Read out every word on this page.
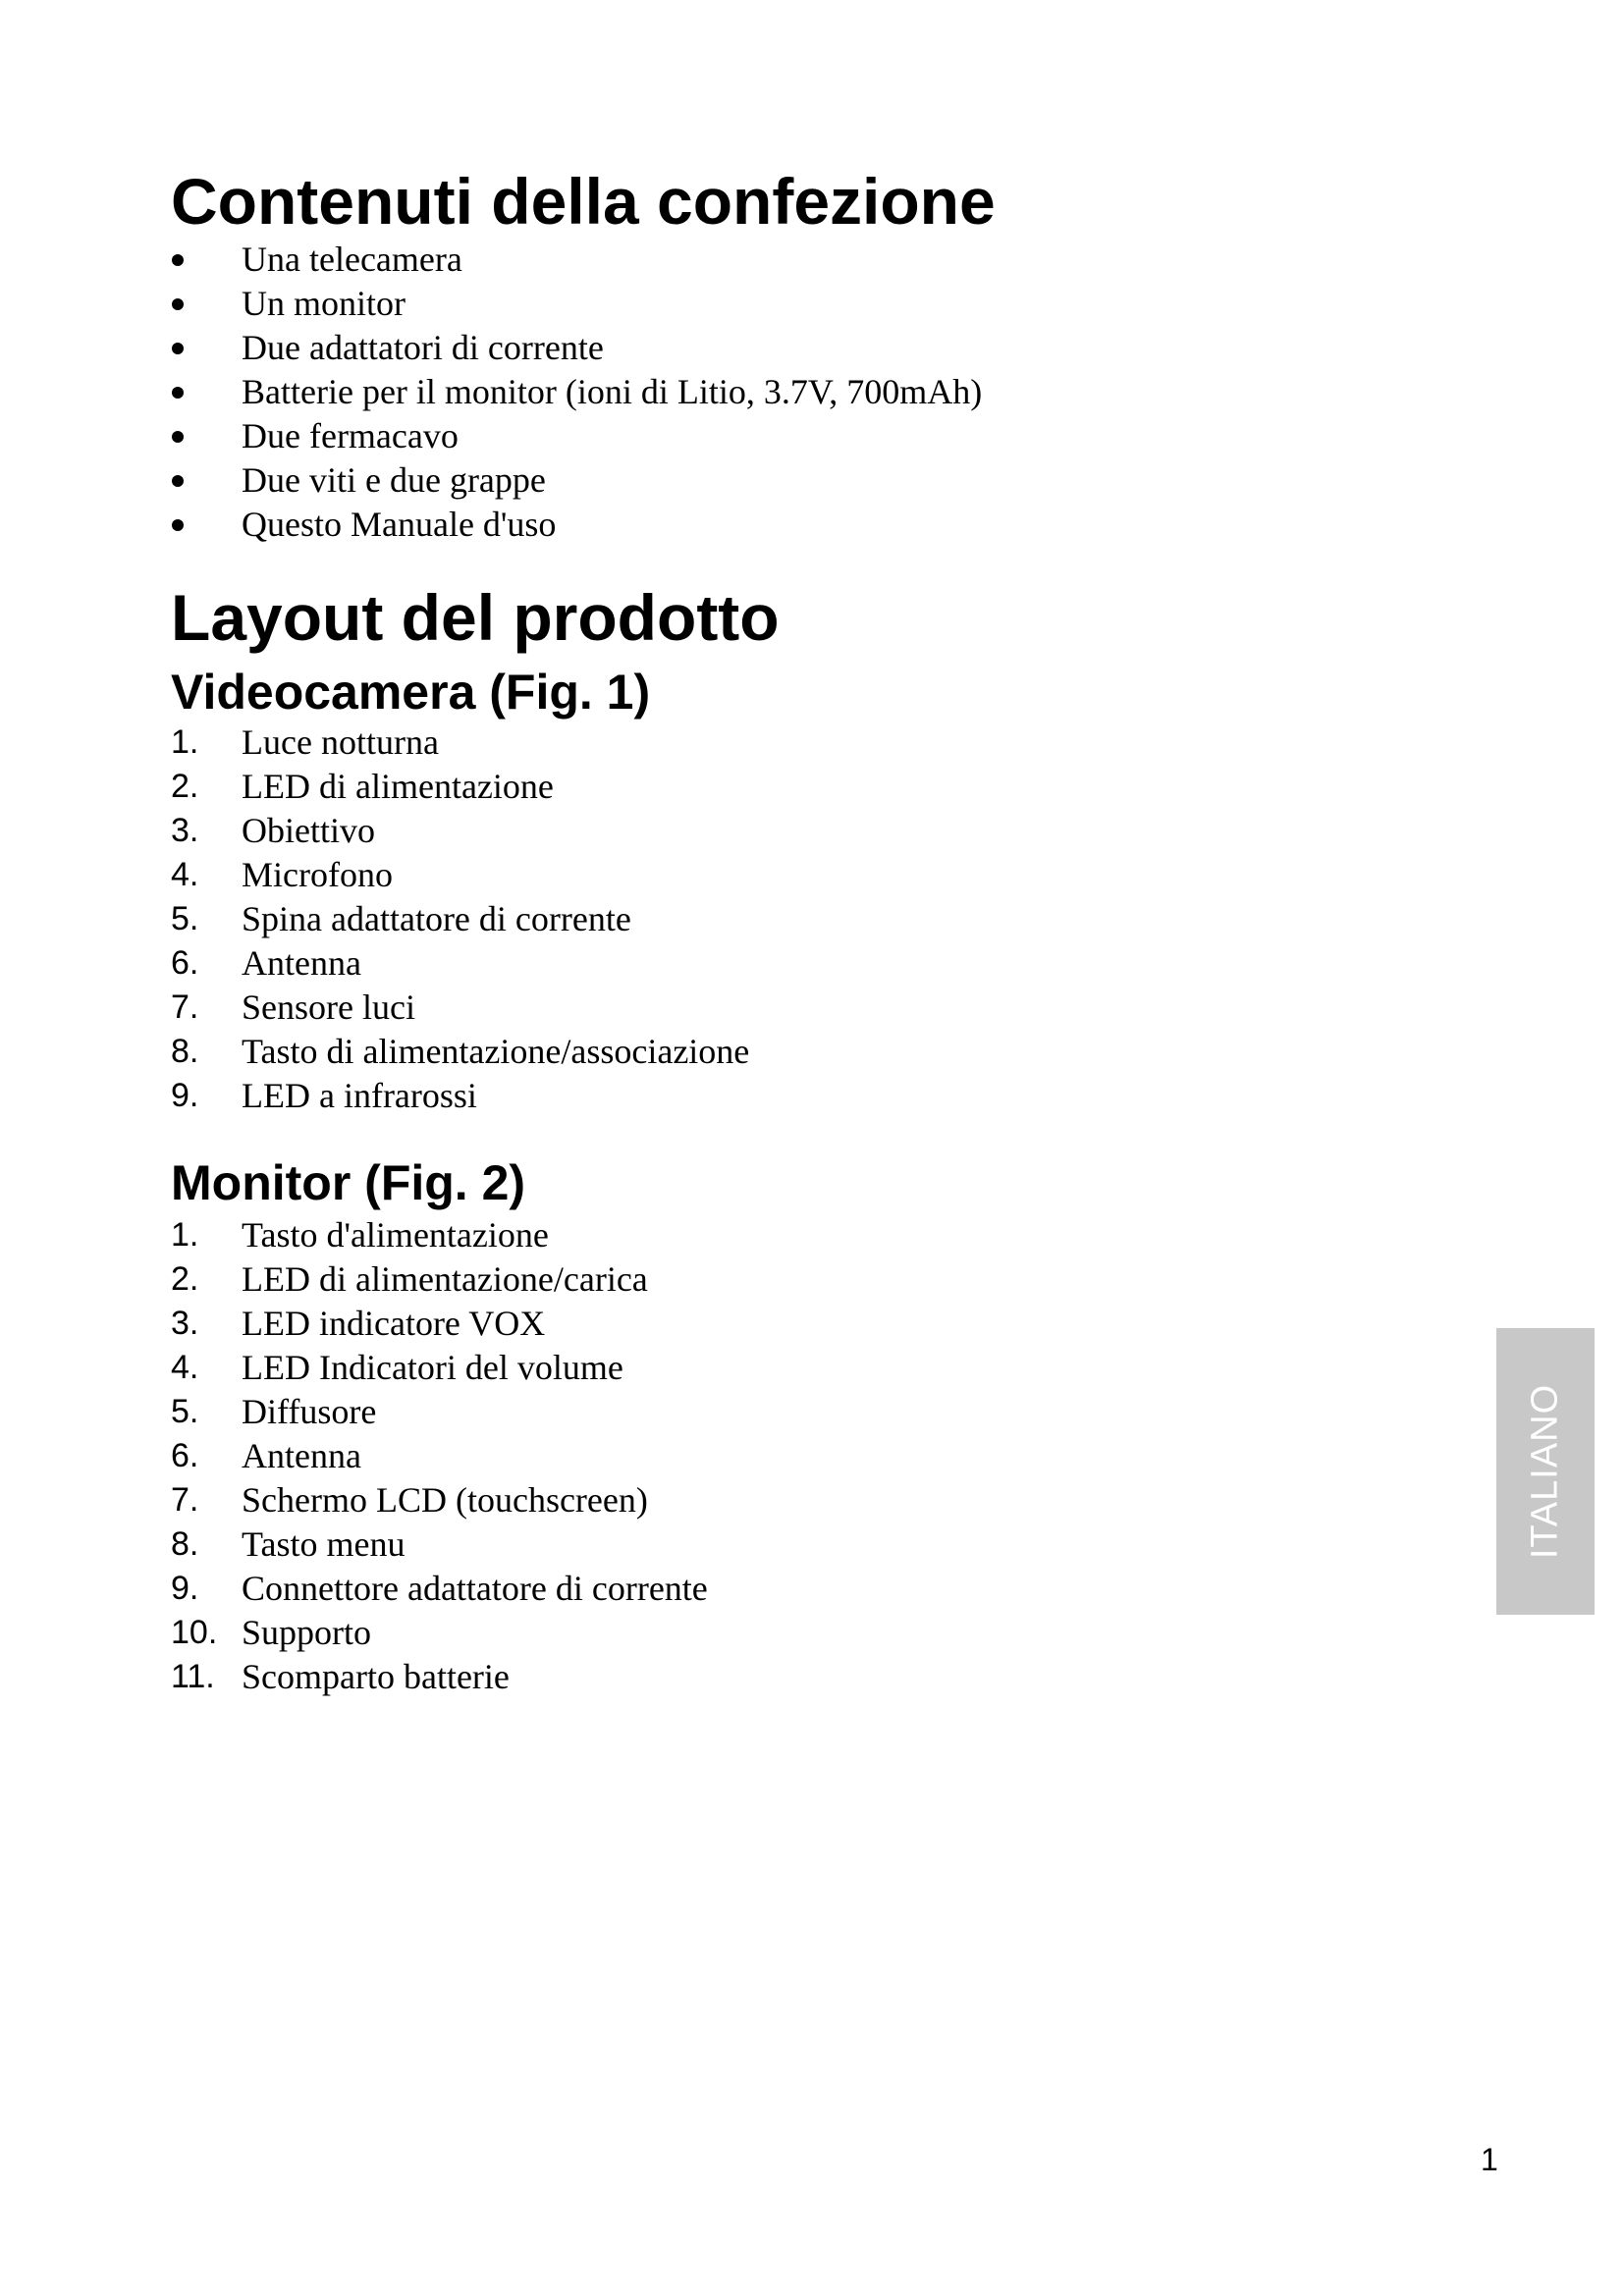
Contenuti della confezione
Una telecamera
Un monitor
Due adattatori di corrente
Batterie per il monitor (ioni di Litio, 3.7V, 700mAh)
Due fermacavo
Due viti e due grappe
Questo Manuale d'uso
Layout del prodotto
Videocamera (Fig. 1)
1. Luce notturna
2. LED di alimentazione
3. Obiettivo
4. Microfono
5. Spina adattatore di corrente
6. Antenna
7. Sensore luci
8. Tasto di alimentazione/associazione
9. LED a infrarossi
Monitor (Fig. 2)
1. Tasto d'alimentazione
2. LED di alimentazione/carica
3. LED indicatore VOX
4. LED Indicatori del volume
5. Diffusore
6. Antenna
7. Schermo LCD (touchscreen)
8. Tasto menu
9. Connettore adattatore di corrente
10. Supporto
11. Scomparto batterie
ITALIANO
1
